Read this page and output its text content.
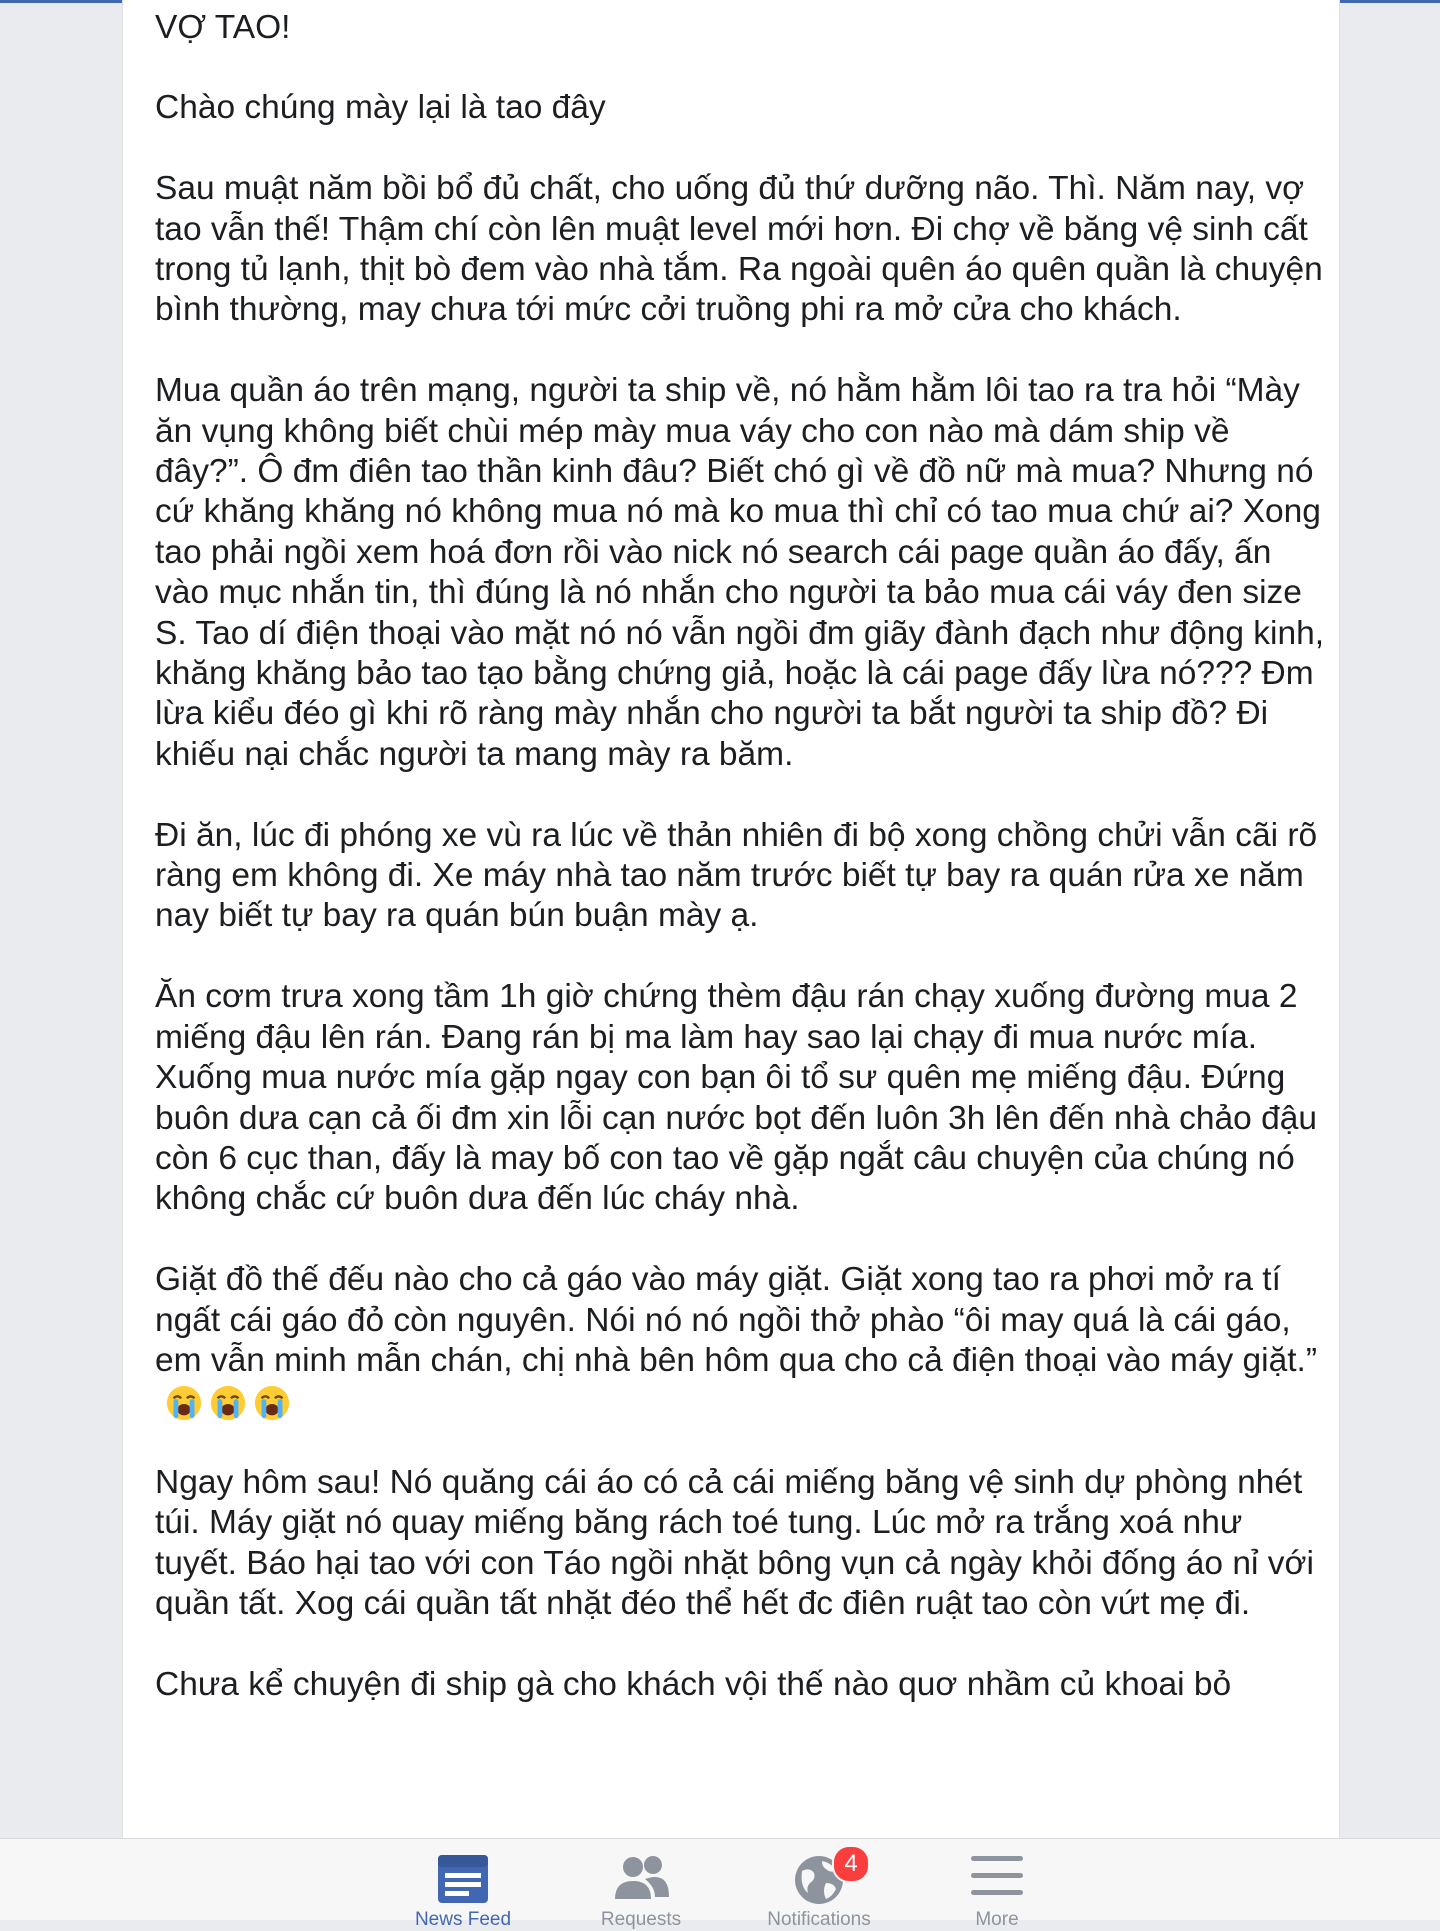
VỢ TAO!

Chào chúng mày lại là tao đây

Sau muật năm bồi bổ đủ chất, cho uống đủ thứ dưỡng não. Thì. Năm nay, vợ tao vẫn thế! Thậm chí còn lên muật level mới hơn. Đi chợ về băng vệ sinh cất trong tủ lạnh, thịt bò đem vào nhà tắm. Ra ngoài quên áo quên quần là chuyện bình thường, may chưa tới mức cởi truồng phi ra mở cửa cho khách.

Mua quần áo trên mạng, người ta ship về, nó hằm hằm lôi tao ra tra hỏi “Mày ăn vụng không biết chùi mép mày mua váy cho con nào mà dám ship về đây?”. Ô đm điên tao thần kinh đâu? Biết chó gì về đồ nữ mà mua? Nhưng nó cứ khăng khăng nó không mua nó mà ko mua thì chỉ có tao mua chứ ai? Xong tao phải ngồi xem hoá đơn rồi vào nick nó search cái page quần áo đấy, ấn vào mục nhắn tin, thì đúng là nó nhắn cho người ta bảo mua cái váy đen size S. Tao dí điện thoại vào mặt nó nó vẫn ngồi đm giãy đành đạch như động kinh, khăng khăng bảo tao tạo bằng chứng giả, hoặc là cái page đấy lừa nó??? Đm lừa kiểu đéo gì khi rõ ràng mày nhắn cho người ta bắt người ta ship đồ? Đi khiếu nại chắc người ta mang mày ra băm.

Đi ăn, lúc đi phóng xe vù ra lúc về thản nhiên đi bộ xong chồng chửi vẫn cãi rõ ràng em không đi. Xe máy nhà tao năm trước biết tự bay ra quán rửa xe năm nay biết tự bay ra quán bún buận mày ạ.

Ăn cơm trưa xong tầm 1h giờ chứng thèm đậu rán chạy xuống đường mua 2 miếng đậu lên rán. Đang rán bị ma làm hay sao lại chạy đi mua nước mía. Xuống mua nước mía gặp ngay con bạn ôi tổ sư quên mẹ miếng đậu. Đứng buôn dưa cạn cả ối đm xin lỗi cạn nước bọt đến luôn 3h lên đến nhà chảo đậu còn 6 cục than, đấy là may bố con tao về gặp ngắt câu chuyện của chúng nó không chắc cứ buôn dưa đến lúc cháy nhà.

Giặt đồ thế đếu nào cho cả gáo vào máy giặt. Giặt xong tao ra phơi mở ra tí ngất cái gáo đỏ còn nguyên. Nói nó nó ngồi thở phào “ôi may quá là cái gáo, em vẫn minh mẫn chán, chị nhà bên hôm qua cho cả điện thoại vào máy giặt.”

Ngay hôm sau! Nó quăng cái áo có cả cái miếng băng vệ sinh dự phòng nhét túi. Máy giặt nó quay miếng băng rách toé tung. Lúc mở ra trắng xoá như tuyết. Báo hại tao với con Táo ngồi nhặt bông vụn cả ngày khỏi đống áo nỉ với quần tất. Xog cái quần tất nhặt đéo thể hết đc điên ruật tao còn vứt mẹ đi.

Chưa kể chuyện đi ship gà cho khách vội thế nào quơ nhầm củ khoai bỏ

News Feed	Requests
4
Notifications	More
